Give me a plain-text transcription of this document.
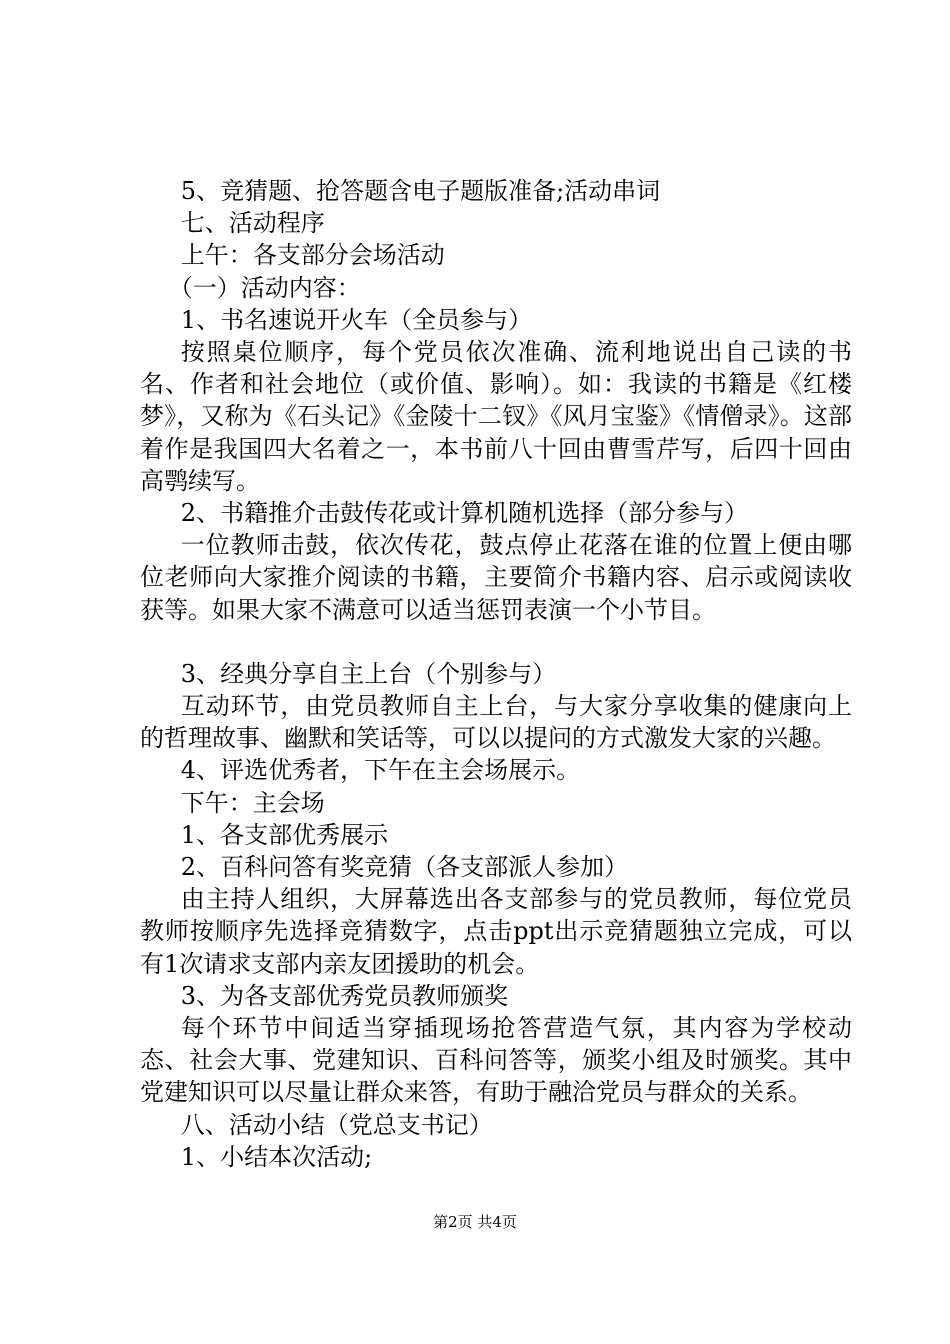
5、竞猜题、抢答题含电子题版准备;活动串词

七、活动程序

上午：各支部分会场活动

（一）活动内容：

1、书名速说开火车（全员参与）

按照桌位顺序，每个党员依次准确、流利地说出自己读的书名、作者和社会地位（或价值、影响）。如：我读的书籍是《红楼梦》，又称为《石头记》《金陵十二钗》《风月宝鉴》《情僧录》。这部着作是我国四大名着之一，本书前八十回由曹雪芹写，后四十回由高鹗续写。

2、书籍推介击鼓传花或计算机随机选择（部分参与）

一位教师击鼓，依次传花，鼓点停止花落在谁的位置上便由哪位老师向大家推介阅读的书籍，主要简介书籍内容、启示或阅读收获等。如果大家不满意可以适当惩罚表演一个小节目。

3、经典分享自主上台（个别参与）

互动环节，由党员教师自主上台，与大家分享收集的健康向上的哲理故事、幽默和笑话等，可以以提问的方式激发大家的兴趣。

4、评选优秀者，下午在主会场展示。

下午：主会场

1、各支部优秀展示

2、百科问答有奖竞猜（各支部派人参加）

由主持人组织，大屏幕选出各支部参与的党员教师，每位党员教师按顺序先选择竞猜数字，点击ppt出示竞猜题独立完成，可以有1次请求支部内亲友团援助的机会。

3、为各支部优秀党员教师颁奖

每个环节中间适当穿插现场抢答营造气氛，其内容为学校动态、社会大事、党建知识、百科问答等，颁奖小组及时颁奖。其中党建知识可以尽量让群众来答，有助于融洽党员与群众的关系。

八、活动小结（党总支书记）

1、小结本次活动;

第2页 共4页
